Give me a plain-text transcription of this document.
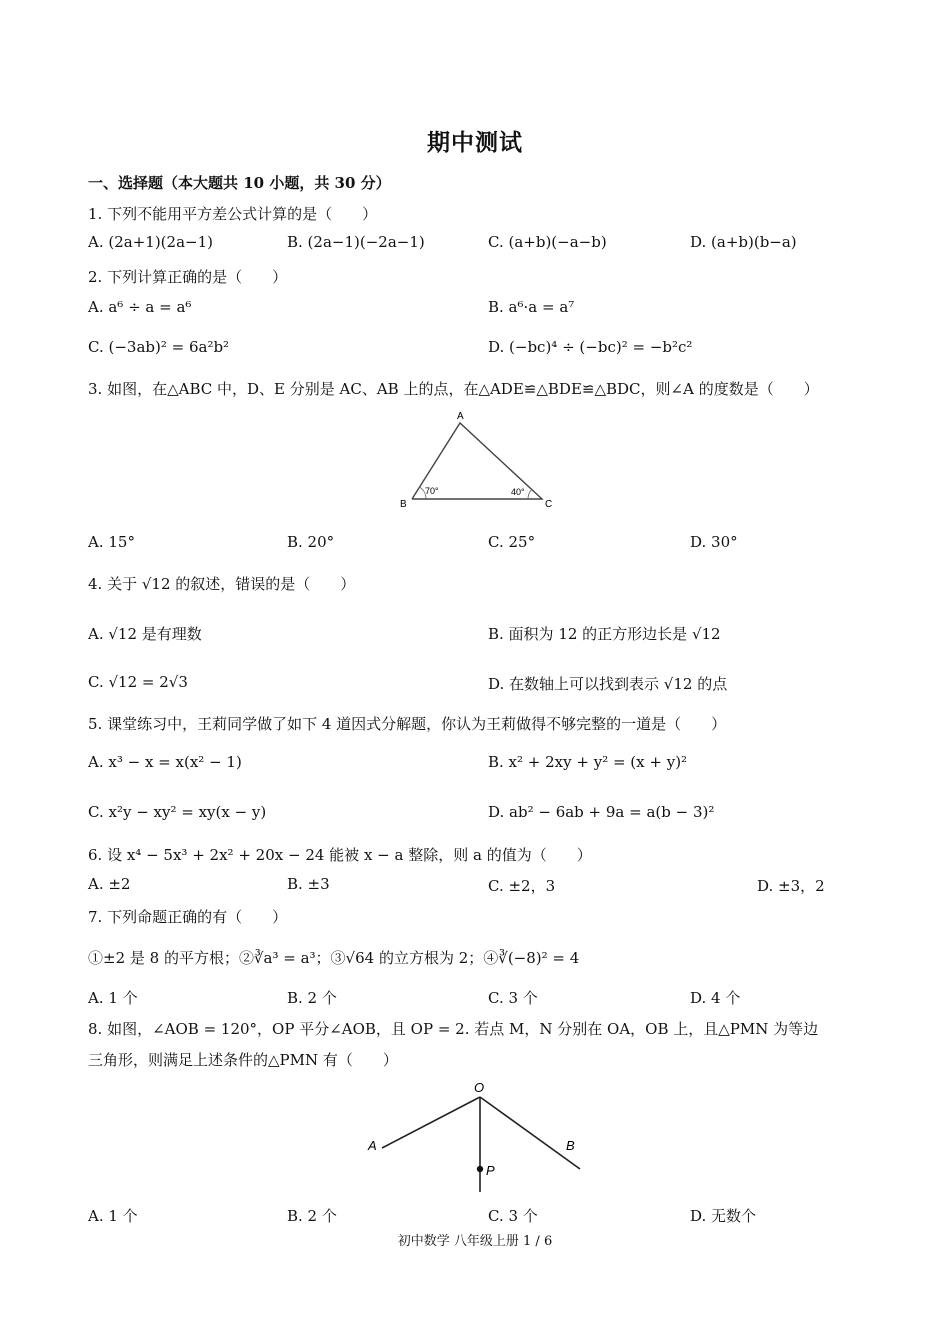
期中测试
一、选择题（本大题共 10 小题，共 30 分）
1. 下列不能用平方差公式计算的是（　　）
A. (2a+1)(2a−1)	B. (2a−1)(−2a−1)	C. (a+b)(−a−b)	D. (a+b)(b−a)
2. 下列计算正确的是（　　）
A. a⁶ ÷ a = a⁶	B. a⁶·a = a⁷
C. (−3ab)² = 6a²b²	D. (−bc)⁴ ÷ (−bc)² = −b²c²
3. 如图，在△ABC 中，D、E 分别是 AC、AB 上的点，在△ADE≌△BDE≌△BDC，则∠A 的度数是（　　）
A
B	C
70°	40°
A. 15°	B. 20°	C. 25°	D. 30°
4. 关于 √12 的叙述，错误的是（　　）
A. √12 是有理数	B. 面积为 12 的正方形边长是 √12
C. √12 = 2√3	D. 在数轴上可以找到表示 √12 的点
5. 课堂练习中，王莉同学做了如下 4 道因式分解题，你认为王莉做得不够完整的一道是（　　）
A. x³ − x = x(x² − 1)	B. x² + 2xy + y² = (x + y)²
C. x²y − xy² = xy(x − y)	D. ab² − 6ab + 9a = a(b − 3)²
6. 设 x⁴ − 5x³ + 2x² + 20x − 24 能被 x − a 整除，则 a 的值为（　　）
A. ±2	B. ±3	C. ±2，3	D. ±3，2
7. 下列命题正确的有（　　）
①±2 是 8 的平方根；②∛a³ = a³；③√64 的立方根为 2；④∛(−8)² = 4
A. 1 个	B. 2 个	C. 3 个	D. 4 个
8. 如图，∠AOB = 120°，OP 平分∠AOB，且 OP = 2. 若点 M，N 分别在 OA，OB 上，且△PMN 为等边
三角形，则满足上述条件的△PMN 有（　　）
O
A	B
P
A. 1 个	B. 2 个	C. 3 个	D. 无数个
初中数学 八年级上册 1 / 6
